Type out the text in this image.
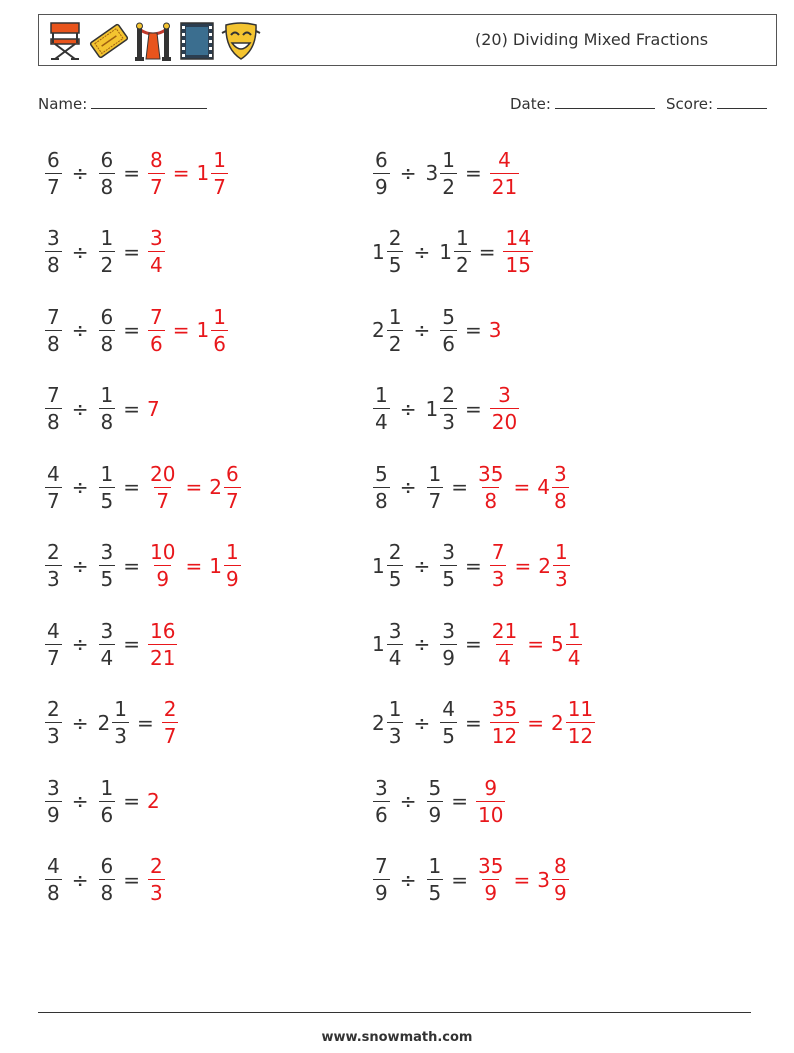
(20) Dividing Mixed Fractions
Name:	Date:	Score:
$\frac{6}{7} \div \frac{6}{8} = \frac{8}{7} = 1 \frac{1}{7}$	$\frac{6}{9} \div 3 \frac{1}{2} = \frac{4}{21}$
$\frac{3}{8} \div \frac{1}{2} = \frac{3}{4}$	$1 \frac{2}{5} \div 1 \frac{1}{2} = \frac{14}{15}$
$\frac{7}{8} \div \frac{6}{8} = \frac{7}{6} = 1 \frac{1}{6}$	$2 \frac{1}{2} \div \frac{5}{6} = 3$
$\frac{7}{8} \div \frac{1}{8} = 7$	$\frac{1}{4} \div 1 \frac{2}{3} = \frac{3}{20}$
$\frac{4}{7} \div \frac{1}{5} = \frac{20}{7} = 2 \frac{6}{7}$	$\frac{5}{8} \div \frac{1}{7} = \frac{35}{8} = 4 \frac{3}{8}$
$\frac{2}{3} \div \frac{3}{5} = \frac{10}{9} = 1 \frac{1}{9}$	$1 \frac{2}{5} \div \frac{3}{5} = \frac{7}{3} = 2 \frac{1}{3}$
$\frac{4}{7} \div \frac{3}{4} = \frac{16}{21}$	$1 \frac{3}{4} \div \frac{3}{9} = \frac{21}{4} = 5 \frac{1}{4}$
$\frac{2}{3} \div 2 \frac{1}{3} = \frac{2}{7}$	$2 \frac{1}{3} \div \frac{4}{5} = \frac{35}{12} = 2 \frac{11}{12}$
$\frac{3}{9} \div \frac{1}{6} = 2$	$\frac{3}{6} \div \frac{5}{9} = \frac{9}{10}$
$\frac{4}{8} \div \frac{6}{8} = \frac{2}{3}$	$\frac{7}{9} \div \frac{1}{5} = \frac{35}{9} = 3 \frac{8}{9}$
www.snowmath.com
